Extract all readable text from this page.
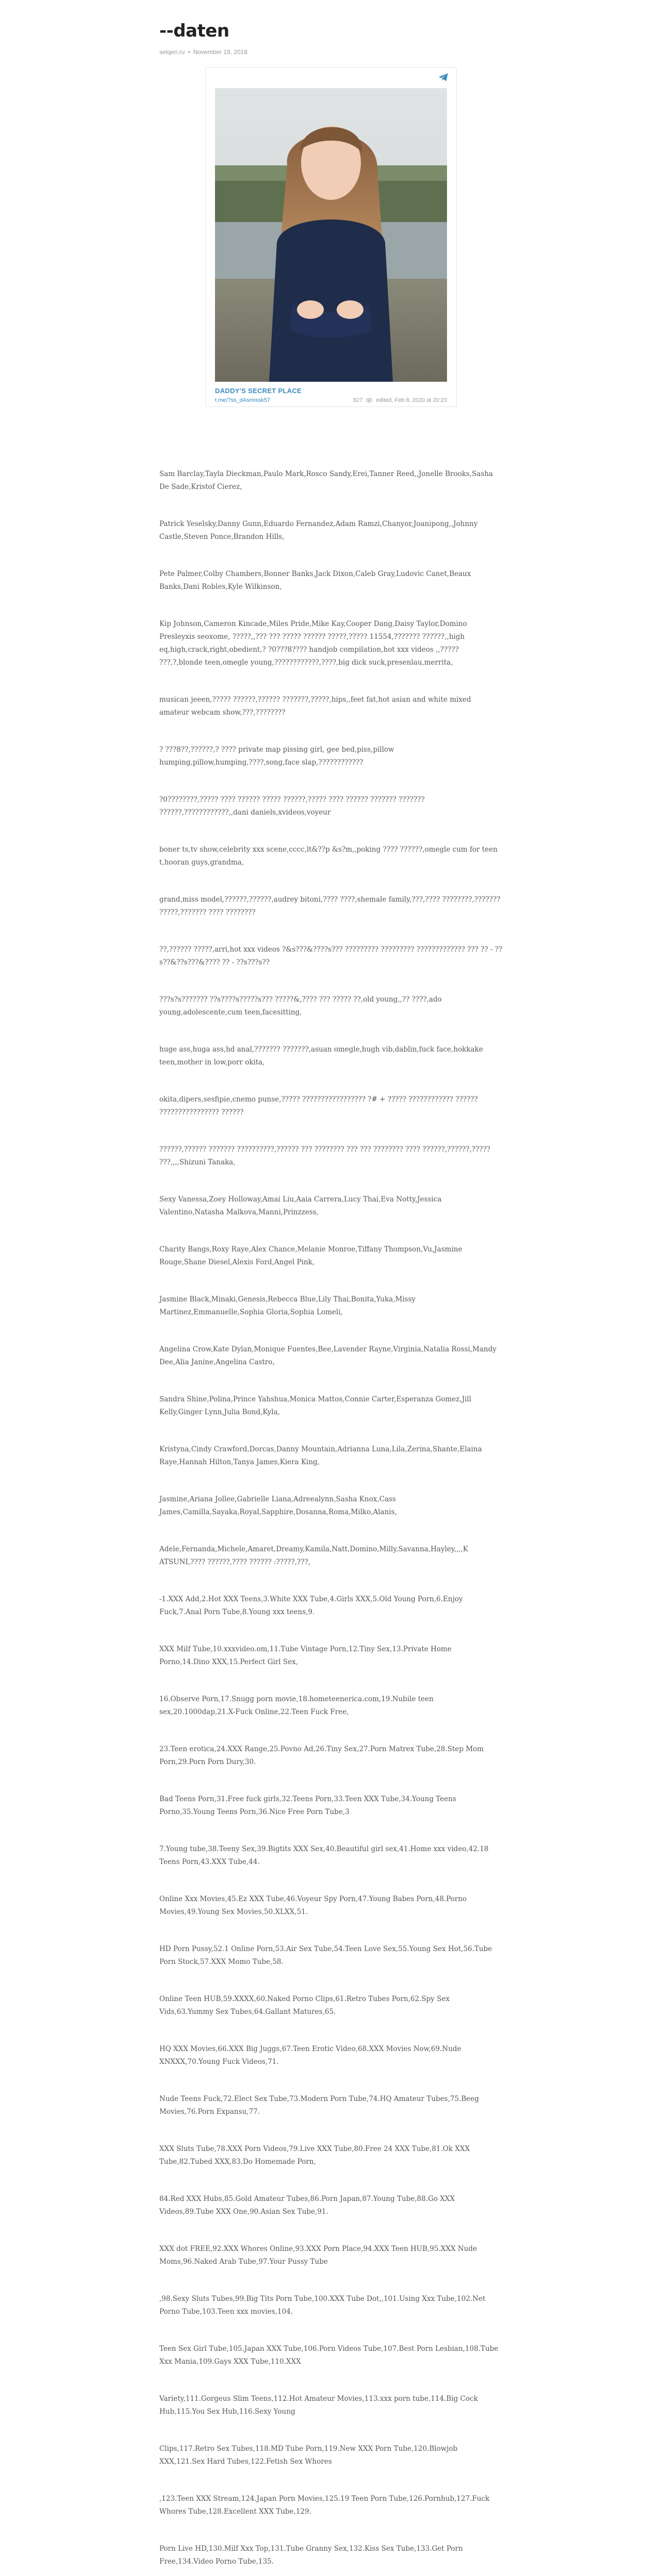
--daten
selqeri.ru • November 19, 2018
DADDY'S SECRET PLACE
t.me/?ss_dAsmissk57	827 edited, Feb 8, 2020 at 20:23

Sam Barclay,Tayla Dieckman,Paulo Mark,Rosco Sandy,Erei,Tanner Reed,,Jonelle Brooks,Sasha De Sade,Kristof Cierez,

Patrick Yeselsky,Danny Gunn,Eduardo Fernandez,Adam Ramzi,Chanyor,Joanipong,,Johnny Castle,Steven Ponce,Brandon Hills,

Pete Palmer,Colby Chambers,Bonner Banks,Jack Dixon,Caleb Gray,Ludovic Canet,Beaux Banks,Dani Robles,Kyle Wilkinson,

Kip Johnson,Cameron Kincade,Miles Pride,Mike Kay,Cooper Dang,Daisy Taylor,Domino Presleyxis seoxome, ?????,,??? ??? ????? ?????? ?????,????? 11554,??????? ??????,,high eq,high,crack,right,obedient,? ?0???8???? handjob compilation,hot xxx videos ,,????? ???,?,blonde teen,omegle young,????????????,????,big dick suck,presenlau,merrita,

musican jeeen,????? ??????,?????? ???????,?????,hips,,feet fat,hot asian and white mixed amateur webcam show,???,????????

? ???8??,??????,? ???? private map pissing girl, gee bed,piss,pillow humping,pillow,humping,????,song,face slap,????????????

?0????????,????? ???? ?????? ????? ??????,????? ???? ?????? ??????? ??????? ??????,????????????,,dani daniels,xvideos,voyeur

boner ts,tv show,celebrity xxx scene,cccc,lt&??p &s?m,,poking ???? ??????,omegle cum for teen t,hooran guys,grandma,

grand,miss model,??????,??????,audrey bitoni,???? ????,shemale family,???,???? ????????,??????? ?????,??????? ???? ????????

??,?????? ?????,arri,hot xxx videos ?&s???&????s??? ????????? ????????? ????????????? ??? ?? - ??s??&??s???&???? ?? - ??s???s??

???s?s??????? ??s????s?????s??? ?????&,???? ??? ????? ??,old young,,?? ????,ado young,adolescente,cum teen,facesitting,

huge ass,huga ass,hd anal,??????? ???????,asuan omegle,hugh vib,dablin,fuck face,hokkake teen,mother in low,porr okita,

okita,dipers,sesfipie,cnemo punse,????? ????????????????? ?# + ????? ???????????? ?????? ???????????????? ??????

??????,?????? ??????? ??????????,?????? ??? ???????? ??? ??? ???????? ???? ??????,??????,????? ???,,,,Shizuni Tanaka,

Sexy Vanessa,Zoey Holloway,Amai Liu,Aaia Carrera,Lucy Thai,Eva Notty,Jessica Valentino,Natasha Malkova,Manni,Prinzzess,

Charity Bangs,Roxy Raye,Alex Chance,Melanie Monroe,Tiffany Thompson,Vu,Jasmine Rouge,Shane Diesel,Alexis Ford,Angel Pink,

Jasmine Black,Minaki,Genesis,Rebecca Blue,Lily Thai,Bonita,Yuka,Missy Martinez,Emmanuelle,Sophia Gloria,Sophia Lomeli,

Angelina Crow,Kate Dylan,Monique Fuentes,Bee,Lavender Rayne,Virginia,Natalia Rossi,Mandy Dee,Alia Janine,Angelina Castro,

Sandra Shine,Polina,Prince Yahshua,Monica Mattos,Connie Carter,Esperanza Gomez,Jill Kelly,Ginger Lynn,Julia Bond,Kyla,

Kristyna,Cindy Crawford,Dorcas,Danny Mountain,Adrianna Luna,Lila,Zerina,Shante,Elaina Raye,Hannah Hilton,Tanya James,Kiera King,

Jasmine,Ariana Jollee,Gabrielle Liana,Adreealynn,Sasha Knox,Cass James,Camilla,Sayaka,Royal,Sapphire,Dosanna,Roma,Milko,Alanis,

Adele,Fernanda,Michele,Amaret,Dreamy,Kamila,Natt,Domino,Milly,Savanna,Hayley,,,,K ATSUNI,???? ??????,???? ?????? :?????,???,

-1.XXX Add,2.Hot XXX Teens,3.White XXX Tube,4.Girls XXX,5.Old Young Porn,6.Enjoy Fuck,7.Anal Porn Tube,8.Young xxx teens,9.

XXX Milf Tube,10.xxxvideo.om,11.Tube Vintage Porn,12.Tiny Sex,13.Private Home Porno,14.Dino XXX,15.Perfect Girl Sex,

16.Observe Porn,17.Snugg porn movie,18.hometeenerica.com,19.Nubile teen sex,20.1000dap,21.X-Fuck Online,22.Teen Fuck Free,

23.Teen erotica,24.XXX Range,25.Povno Ad,26.Tiny Sex,27.Porn Matrex Tube,28.Step Mom Porn,29.Porn Porn Dury,30.

Bad Teens Porn,31.Free fuck girls,32.Teens Porn,33.Teen XXX Tube,34.Young Teens Porno,35.Young Teens Porn,36.Nice Free Porn Tube,3

7.Young tube,38.Teeny Sex,39.Bigtits XXX Sex,40.Beautiful girl sex,41.Home xxx video,42.18 Teens Porn,43.XXX Tube,44.

Online Xxx Movies,45.Ez XXX Tube,46.Voyeur Spy Porn,47.Young Babes Porn,48.Porno Movies,49.Young Sex Movies,50.XLXX,51.

HD Porn Pussy,52.1 Online Porn,53.Air Sex Tube,54.Teen Love Sex,55.Young Sex Hot,56.Tube Porn Stock,57.XXX Momo Tube,58.

Online Teen HUB,59.XXXX,60.Naked Porno Clips,61.Retro Tubes Porn,62.Spy Sex Vids,63.Yummy Sex Tubes,64.Gallant Matures,65.

HQ XXX Movies,66.XXX Big Juggs,67.Teen Erotic Video,68.XXX Movies Now,69.Nude XNXXX,70.Young Fuck Videos,71.

Nude Teens Fuck,72.Elect Sex Tube,73.Modern Porn Tube,74.HQ Amateur Tubes,75.Beeg Movies,76.Porn Expansu,77.

XXX Sluts Tube,78.XXX Porn Videos,79.Live XXX Tube,80.Free 24 XXX Tube,81.Ok XXX Tube,82.Tubed XXX,83.Do Homemade Porn,

84.Red XXX Hubs,85.Gold Amateur Tubes,86.Porn Japan,87.Young Tube,88.Go XXX Videos,89.Tube XXX One,90.Asian Sex Tube,91.

XXX dot FREE,92.XXX Whores Online,93.XXX Porn Place,94.XXX Teen HUB,95.XXX Nude Moms,96.Naked Arab Tube,97.Your Pussy Tube

,98.Sexy Sluts Tubes,99.Big Tits Porn Tube,100.XXX Tube Dot,,101.Using Xxx Tube,102.Net Porno Tube,103.Teen xxx movies,104.

Teen Sex Girl Tube,105.Japan XXX Tube,106.Porn Videos Tube,107.Best Porn Lesbian,108.Tube Xxx Mania,109.Gays XXX Tube,110.XXX

Variety,111.Gorgeus Slim Teens,112.Hot Amateur Movies,113.xxx porn tube,114.Big Cock Hub,115.You Sex Hub,116.Sexy Young

Clips,117.Retro Sex Tubes,118.MD Tube Porn,119.New XXX Porn Tube,120.Blowjob XXX,121.Sex Hard Tubes,122.Fetish Sex Whores

,123.Teen XXX Stream,124.Japan Porn Movies,125.19 Teen Porn Tube,126.Pornhub,127.Fuck Whores Tube,128.Excellent XXX Tube,129.

Porn Live HD,130.Milf Xxx Top,131.Tube Granny Sex,132.Kiss Sex Tube,133.Get Porn Free,134.Video Porno Tube,135.
